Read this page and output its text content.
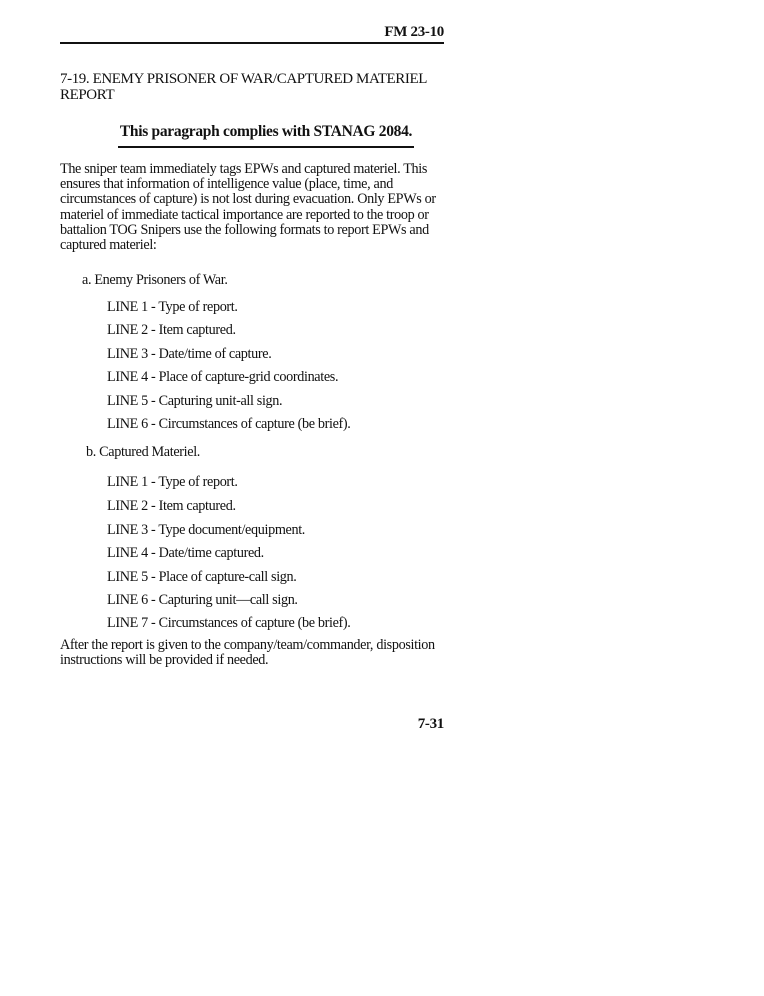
FM 23-10
7-19. ENEMY PRISONER OF WAR/CAPTURED MATERIEL REPORT
This paragraph complies with STANAG 2084.
The sniper team immediately tags EPWs and captured materiel. This ensures that information of intelligence value (place, time, and circumstances of capture) is not lost during evacuation. Only EPWs or materiel of immediate tactical importance are reported to the troop or battalion TOG Snipers use the following formats to report EPWs and captured materiel:
a. Enemy Prisoners of War.
LINE 1 - Type of report.
LINE 2 - Item captured.
LINE 3 - Date/time of capture.
LINE 4 - Place of capture-grid coordinates.
LINE 5 - Capturing unit-all sign.
LINE 6 - Circumstances of capture (be brief).
b. Captured Materiel.
LINE 1 - Type of report.
LINE 2 - Item captured.
LINE 3 - Type document/equipment.
LINE 4 - Date/time captured.
LINE 5 - Place of capture-call sign.
LINE 6 - Capturing unit—call sign.
LINE 7 - Circumstances of capture (be brief).
After the report is given to the company/team/commander, disposition instructions will be provided if needed.
7-31
